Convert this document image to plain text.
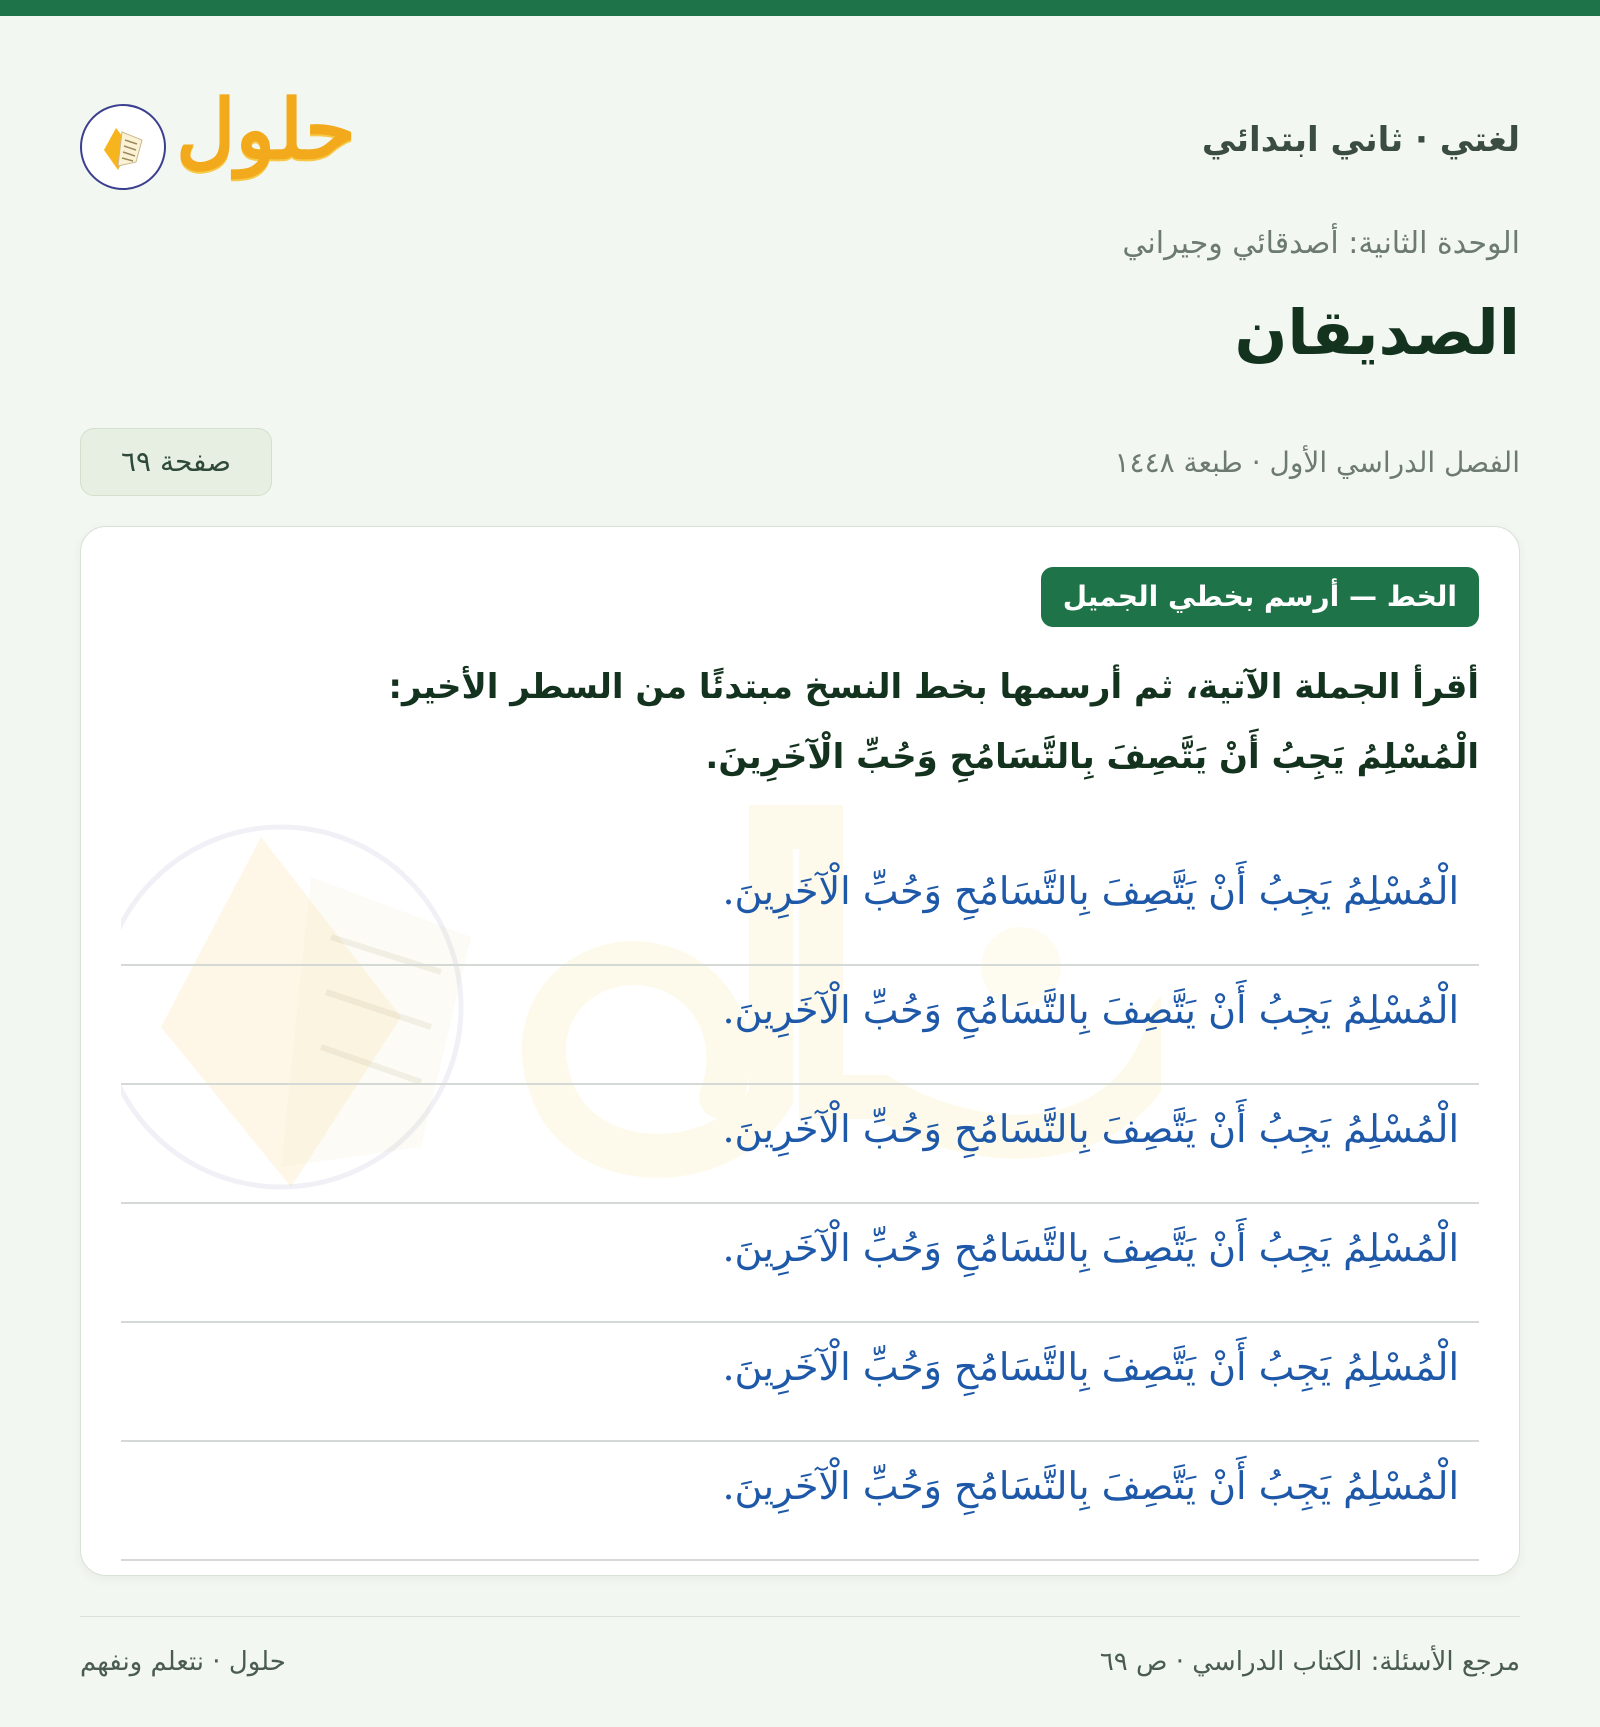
لغتي · ثاني ابتدائي
حلول
الوحدة الثانية: أصدقائي وجيراني
الصديقان
الفصل الدراسي الأول · طبعة ١٤٤٨
صفحة ٦٩
الخط — أرسم بخطي الجميل
أقرأ الجملة الآتية، ثم أرسمها بخط النسخ مبتدئًا من السطر الأخير:
الْمُسْلِمُ يَجِبُ أَنْ يَتَّصِفَ بِالتَّسَامُحِ وَحُبِّ الْآخَرِينَ.
الْمُسْلِمُ يَجِبُ أَنْ يَتَّصِفَ بِالتَّسَامُحِ وَحُبِّ الْآخَرِينَ.
الْمُسْلِمُ يَجِبُ أَنْ يَتَّصِفَ بِالتَّسَامُحِ وَحُبِّ الْآخَرِينَ.
الْمُسْلِمُ يَجِبُ أَنْ يَتَّصِفَ بِالتَّسَامُحِ وَحُبِّ الْآخَرِينَ.
الْمُسْلِمُ يَجِبُ أَنْ يَتَّصِفَ بِالتَّسَامُحِ وَحُبِّ الْآخَرِينَ.
الْمُسْلِمُ يَجِبُ أَنْ يَتَّصِفَ بِالتَّسَامُحِ وَحُبِّ الْآخَرِينَ.
الْمُسْلِمُ يَجِبُ أَنْ يَتَّصِفَ بِالتَّسَامُحِ وَحُبِّ الْآخَرِينَ.
مرجع الأسئلة: الكتاب الدراسي · ص ٦٩
حلول · نتعلم ونفهم
